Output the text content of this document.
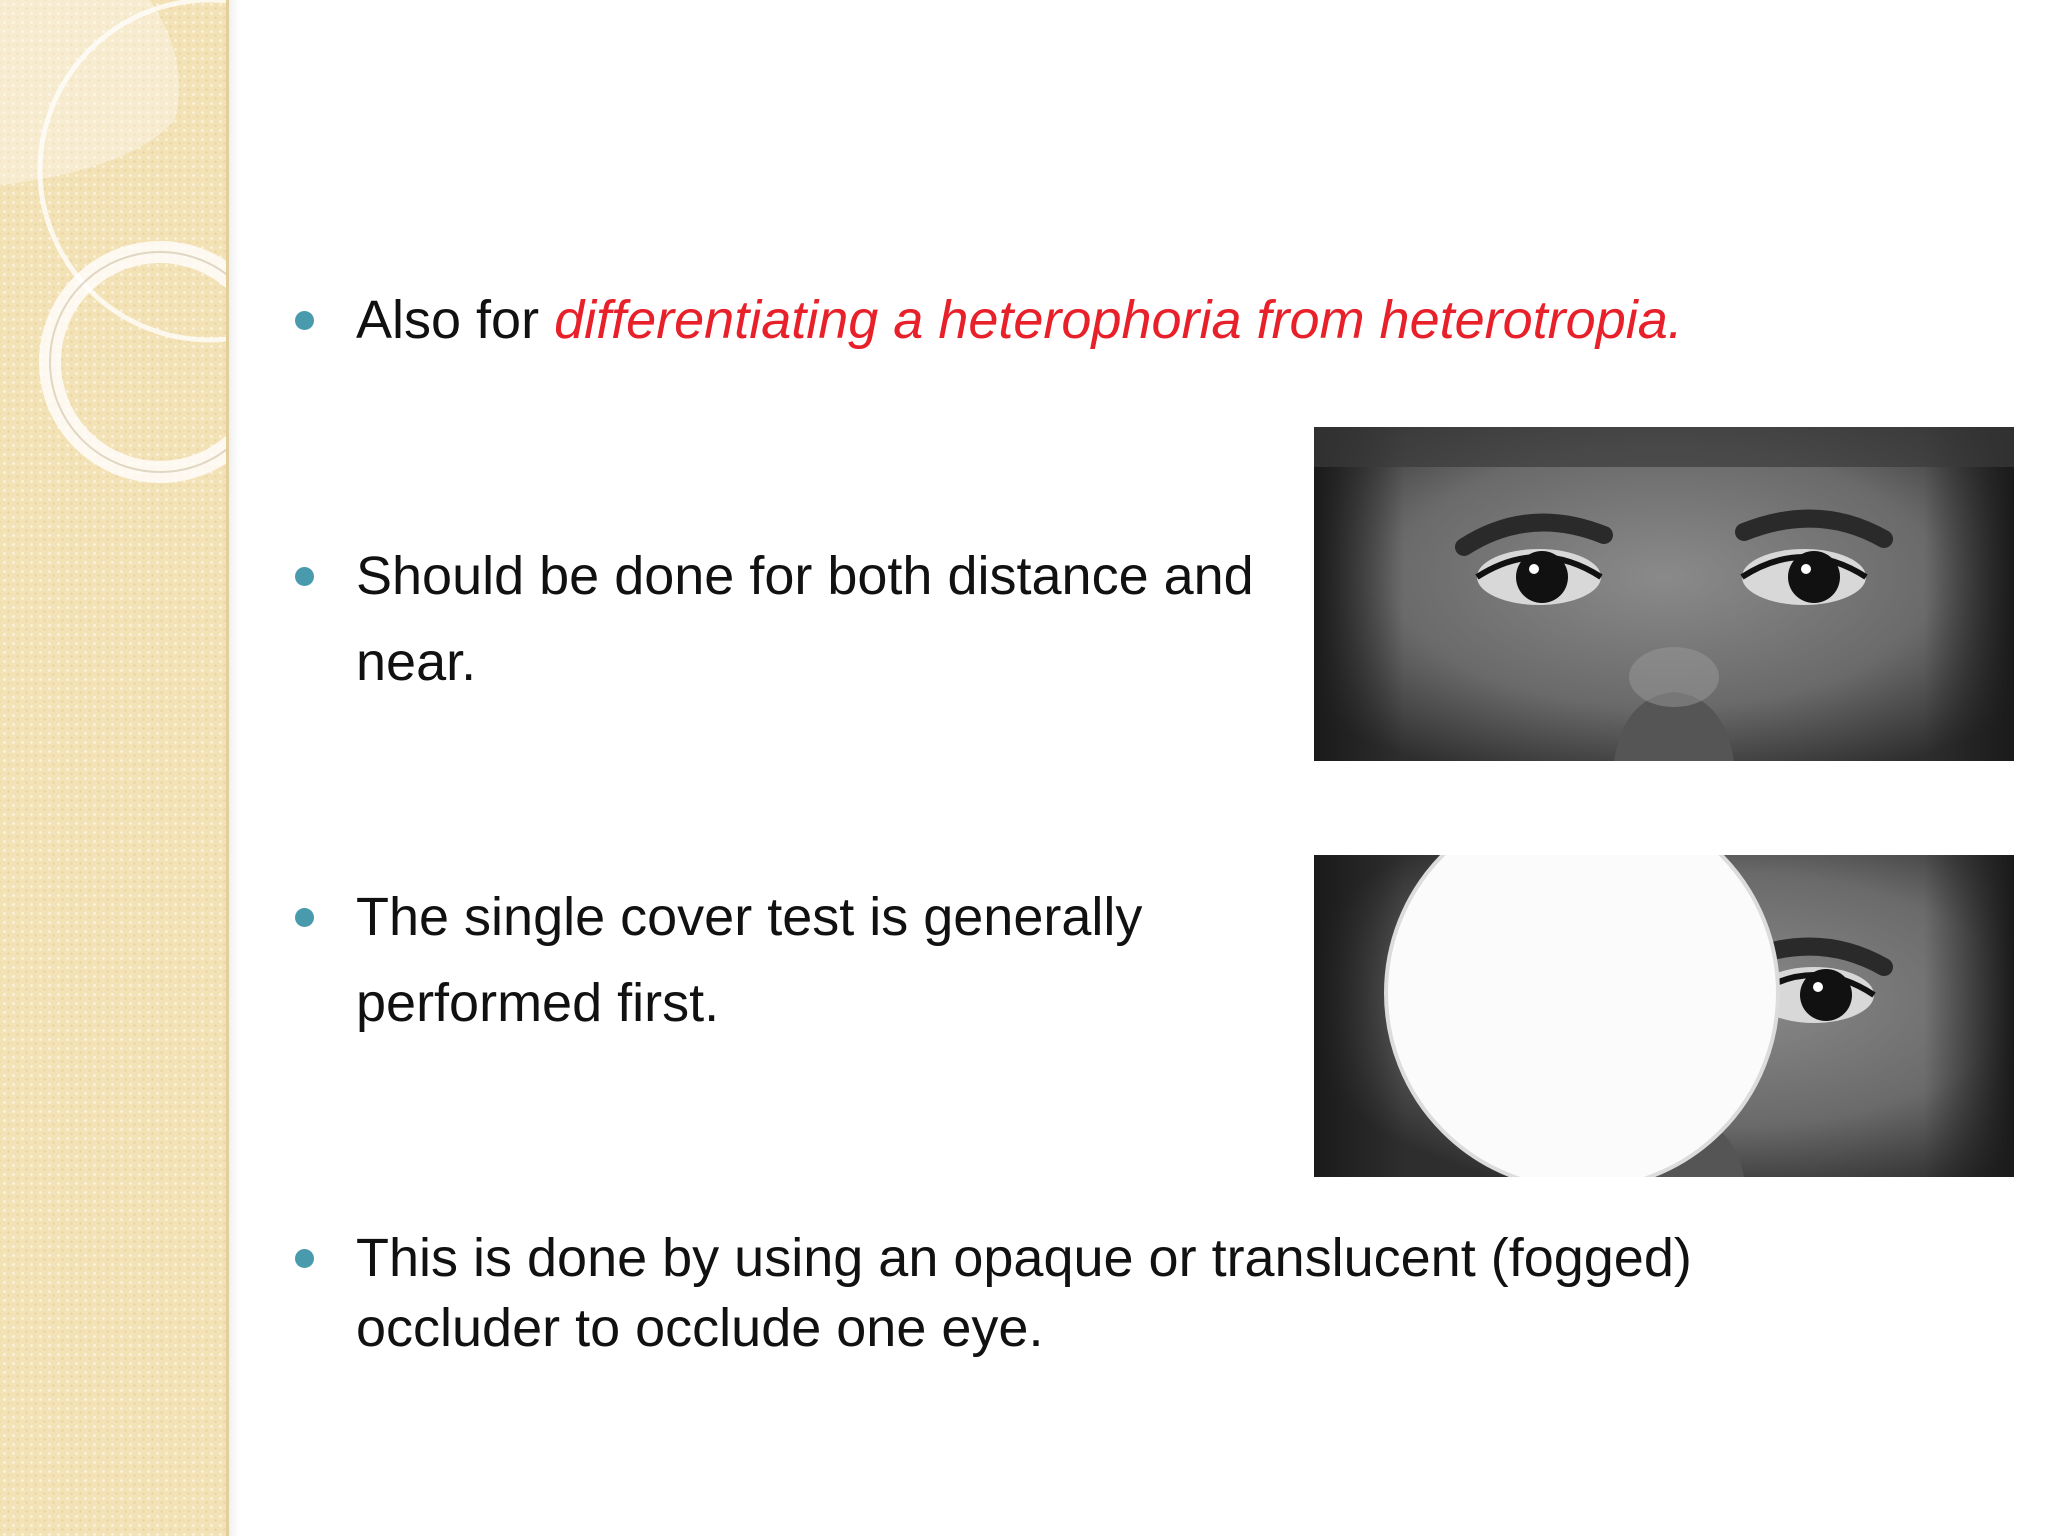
Also for differentiating a heterophoria from heterotropia.
Should be done for both distance and
near.
The single cover test is generally
performed first.
This is done by using an opaque or translucent (fogged)
occluder to occlude one eye.
